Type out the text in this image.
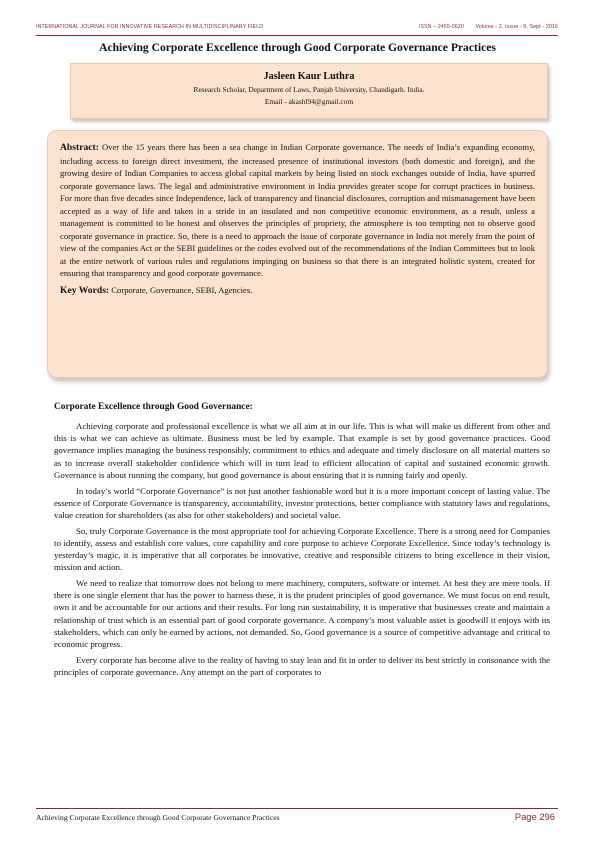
INTERNATIONAL JOURNAL FOR INNOVATIVE RESEARCH IN MULTIDISCIPLINARY FIELD	ISSN – 2455-0620 Volume - 2, Issue - 9, Sept - 2016
Achieving Corporate Excellence through Good Corporate Governance Practices
Jasleen Kaur Luthra
Research Scholar, Department of Laws, Panjab University, Chandigarh. India.
Email - akashl94@gmail.com

Abstract: Over the 15 years there has been a sea change in Indian Corporate governance. The needs of India’s expanding economy, including access to foreign direct investment, the increased presence of institutional investors (both domestic and foreign), and the growing desire of Indian Companies to access global capital markets by being listed on stock exchanges outside of India, have spurred corporate governance laws. The legal and administrative environment in India provides greater scope for corrupt practices in business. For more than five decades since Independence, lack of transparency and financial disclosures, corruption and mismanagement have been accepted as a way of life and taken in a stride in an insulated and non competitive economic environment, as a result, unless a management is committed to be honest and observes the principles of propriety, the atmosphere is too tempting not to observe good corporate governance in practice. So, there is a need to approach the issue of corporate governance in India not merely from the point of view of the companies Act or the SEBI guidelines or the codes evolved out of the recommendations of the Indian Committees but to look at the entire network of various rules and regulations impinging on business so that there is an integrated holistic system, created for ensuring that transparency and good corporate governance.

Key Words: Corporate, Governance, SEBI, Agencies.
Corporate Excellence through Good Governance:

Achieving corporate and professional excellence is what we all aim at in our life. This is what will make us different from other and this is what we can achieve as ultimate. Business must be led by example. That example is set by good governance practices. Good governance implies managing the business responsibly, commitment to ethics and adequate and timely disclosure on all material matters so as to increase overall stakeholder confidence which will in turn lead to efficient allocation of capital and sustained economic growth. Governance is about running the company, but good governance is about ensuring that it is running fairly and openly.

In today’s world “Corporate Governance” is not just another fashionable word but it is a more important concept of lasting value. The essence of Corporate Governance is transparency, accountability, investor protections, better compliance with statutory laws and regulations, value creation for shareholders (as also for other stakeholders) and societal value.

So, truly Corporate Governance is the most appropriate tool for achieving Corporate Excellence. There is a strong need for Companies to identify, assess and establish core values, core capability and core purpose to achieve Corporate Excellence. Since today’s technology is yesterday’s magic, it is imperative that all corporates be innovative, creative and responsible citizens to bring excellence in their vision, mission and action.

We need to realize that tomorrow does not belong to mere machinery, computers, software or internet. At best they are mere tools. If there is one single element that has the power to harness these, it is the prudent principles of good governance. We must focus on end result, own it and be accountable for our actions and their results. For long run sustainability, it is imperative that businesses create and maintain a relationship of trust which is an essential part of good corporate governance. A company’s most valuable asset is goodwill it enjoys with its stakeholders, which can only be earned by actions, not demanded. So, Good governance is a source of competitive advantage and critical to economic progress.

Every corporate has become alive to the reality of having to stay lean and fit in order to deliver its best strictly in consonance with the principles of corporate governance. Any attempt on the part of corporates to

Achieving Corporate Excellence through Good Corporate Governance Practices	Page 296
